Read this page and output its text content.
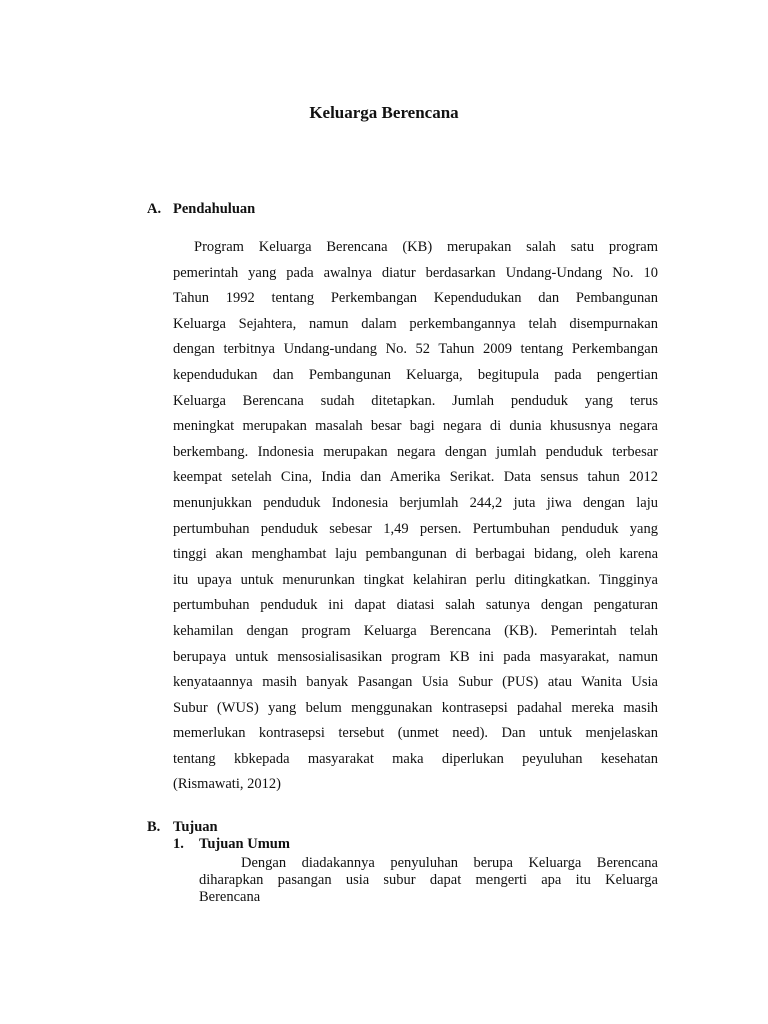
Keluarga Berencana
A. Pendahuluan
Program Keluarga Berencana (KB) merupakan salah satu program
pemerintah yang pada awalnya diatur berdasarkan Undang-Undang No. 10
Tahun 1992 tentang Perkembangan Kependudukan dan Pembangunan
Keluarga Sejahtera, namun dalam perkembangannya telah disempurnakan
dengan terbitnya Undang-undang No. 52 Tahun 2009 tentang Perkembangan
kependudukan dan Pembangunan Keluarga, begitupula pada pengertian
Keluarga Berencana sudah ditetapkan. Jumlah penduduk yang terus
meningkat merupakan masalah besar bagi negara di dunia khususnya negara
berkembang. Indonesia merupakan negara dengan jumlah penduduk terbesar
keempat setelah Cina, India dan Amerika Serikat. Data sensus tahun 2012
menunjukkan penduduk Indonesia berjumlah 244,2 juta jiwa dengan laju
pertumbuhan penduduk sebesar 1,49 persen. Pertumbuhan penduduk yang
tinggi akan menghambat laju pembangunan di berbagai bidang, oleh karena
itu upaya untuk menurunkan tingkat kelahiran perlu ditingkatkan. Tingginya
pertumbuhan penduduk ini dapat diatasi salah satunya dengan pengaturan
kehamilan dengan program Keluarga Berencana (KB). Pemerintah telah
berupaya untuk mensosialisasikan program KB ini pada masyarakat, namun
kenyataannya masih banyak Pasangan Usia Subur (PUS) atau Wanita Usia
Subur (WUS) yang belum menggunakan kontrasepsi padahal mereka masih
memerlukan kontrasepsi tersebut (unmet need). Dan untuk menjelaskan
tentang kbkepada masyarakat maka diperlukan peyuluhan kesehatan
(Rismawati, 2012)
B. Tujuan
1. Tujuan Umum
Dengan diadakannya penyuluhan berupa Keluarga Berencana
diharapkan pasangan usia subur dapat mengerti apa itu Keluarga
Berencana
